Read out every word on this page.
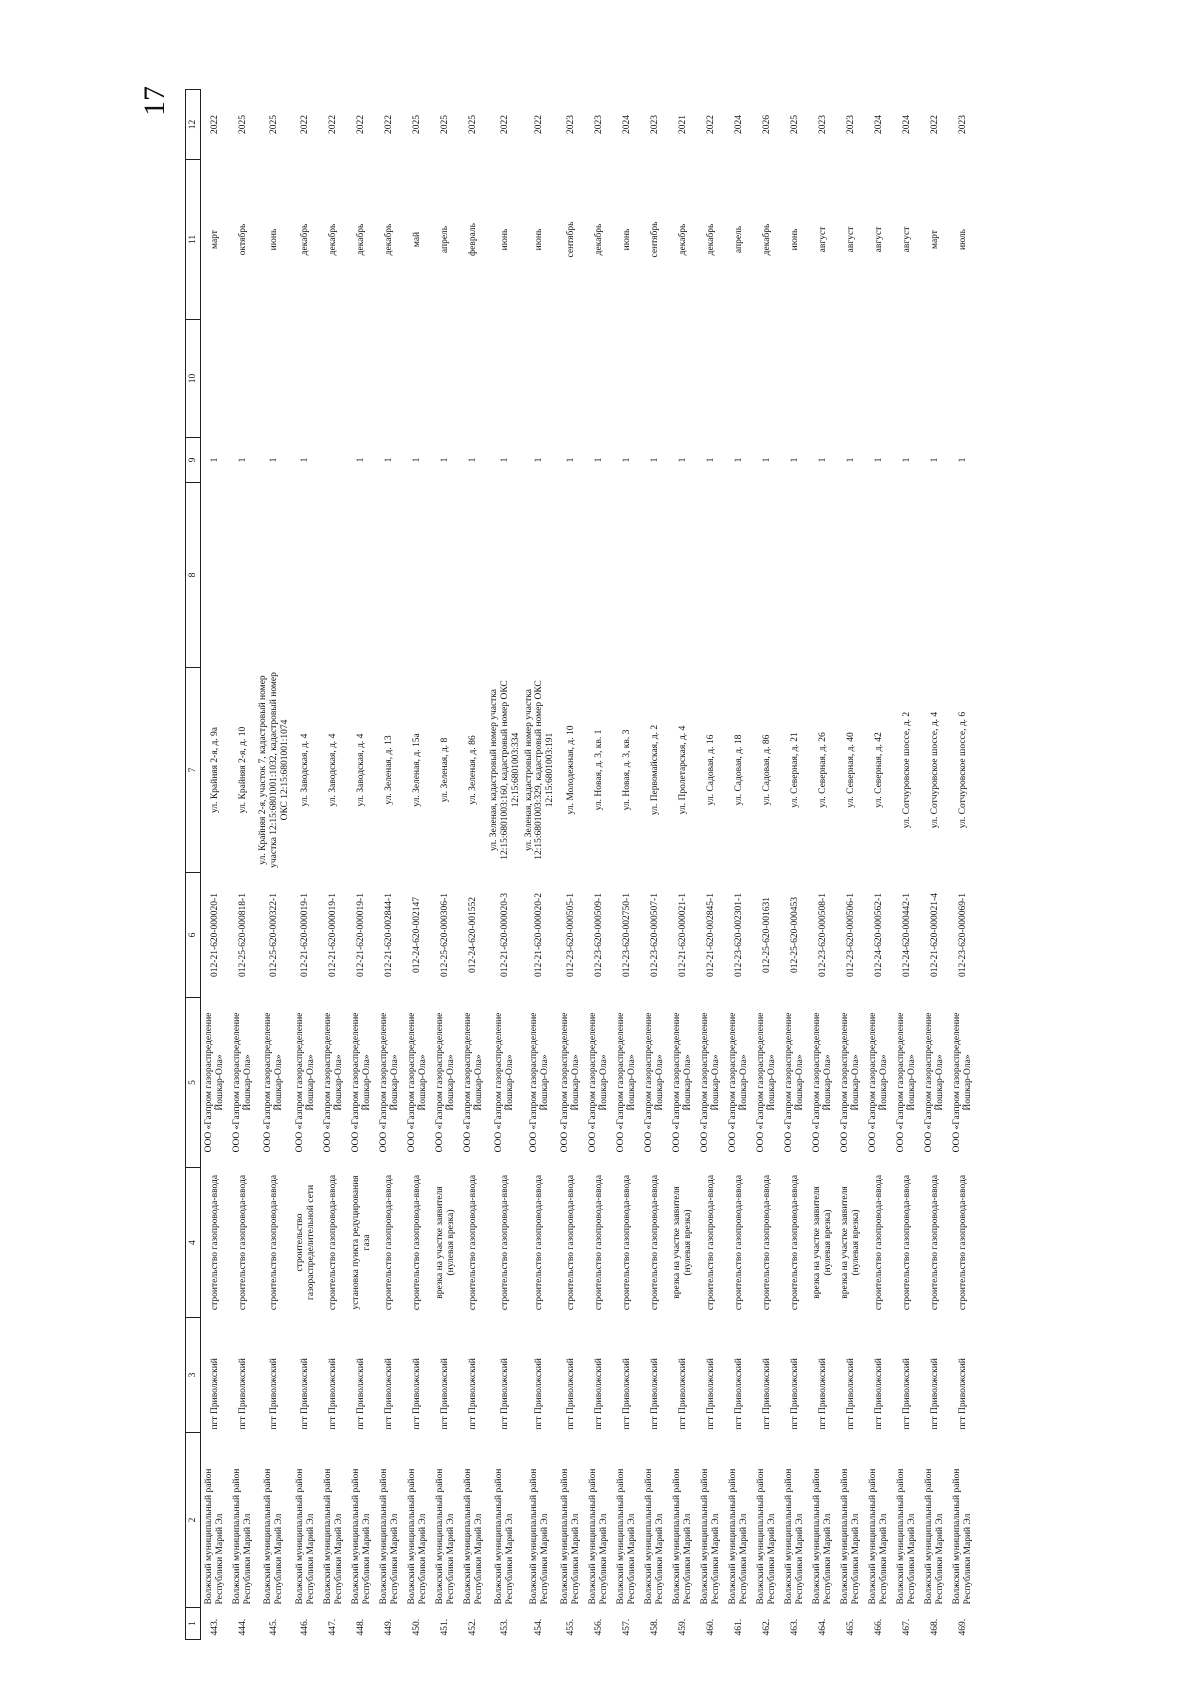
17
1	2	3	4	5	6	7	8	9	10	11	12
443.	Волжский муниципальный район Республики Марий Эл	пгт Приволжский	строительство газопровода-ввода	ООО «Газпром газораспределение Йошкар-Ола»	012-21-620-000020-1	ул. Крайняя 2-я, д. 9а		1		март	2022
444.	Волжский муниципальный район Республики Марий Эл	пгт Приволжский	строительство газопровода-ввода	ООО «Газпром газораспределение Йошкар-Ола»	012-25-620-000818-1	ул. Крайняя 2-я, д. 10		1		октябрь	2025
445.	Волжский муниципальный район Республики Марий Эл	пгт Приволжский	строительство газопровода-ввода	ООО «Газпром газораспределение Йошкар-Ола»	012-25-620-000322-1	ул. Крайняя 2-я, участок 7, кадастровый номер участка 12:15:6801001:1032, кадастровый номер ОКС 12:15:6801001:1074		1		июнь	2025
446.	Волжский муниципальный район Республики Марий Эл	пгт Приволжский	строительство газораспределительной сети	ООО «Газпром газораспределение Йошкар-Ола»	012-21-620-000019-1	ул. Заводская, д. 4		1		декабрь	2022
447.	Волжский муниципальный район Республики Марий Эл	пгт Приволжский	строительство газопровода-ввода	ООО «Газпром газораспределение Йошкар-Ола»	012-21-620-000019-1	ул. Заводская, д. 4				декабрь	2022
448.	Волжский муниципальный район Республики Марий Эл	пгт Приволжский	установка пункта редуцирования газа	ООО «Газпром газораспределение Йошкар-Ола»	012-21-620-000019-1	ул. Заводская, д. 4		1		декабрь	2022
449.	Волжский муниципальный район Республики Марий Эл	пгт Приволжский	строительство газопровода-ввода	ООО «Газпром газораспределение Йошкар-Ола»	012-21-620-002844-1	ул. Зеленая, д. 13		1		декабрь	2022
450.	Волжский муниципальный район Республики Марий Эл	пгт Приволжский	строительство газопровода-ввода	ООО «Газпром газораспределение Йошкар-Ола»	012-24-620-002147	ул. Зеленая, д. 15а		1		май	2025
451.	Волжский муниципальный район Республики Марий Эл	пгт Приволжский	врезка на участке заявителя (нулевая врезка)	ООО «Газпром газораспределение Йошкар-Ола»	012-25-620-000306-1	ул. Зеленая, д. 8		1		апрель	2025
452.	Волжский муниципальный район Республики Марий Эл	пгт Приволжский	строительство газопровода-ввода	ООО «Газпром газораспределение Йошкар-Ола»	012-24-620-001552	ул. Зеленая, д. 86		1		февраль	2025
453.	Волжский муниципальный район Республики Марий Эл	пгт Приволжский	строительство газопровода-ввода	ООО «Газпром газораспределение Йошкар-Ола»	012-21-620-000020-3	ул. Зеленая, кадастровый номер участка 12:15:6801003:160, кадастровый номер ОКС 12:15:6801003:334		1		июнь	2022
454.	Волжский муниципальный район Республики Марий Эл	пгт Приволжский	строительство газопровода-ввода	ООО «Газпром газораспределение Йошкар-Ола»	012-21-620-000020-2	ул. Зеленая, кадастровый номер участка 12:15:6801003:329, кадастровый номер ОКС 12:15:6801003:191		1		июнь	2022
455.	Волжский муниципальный район Республики Марий Эл	пгт Приволжский	строительство газопровода-ввода	ООО «Газпром газораспределение Йошкар-Ола»	012-23-620-000505-1	ул. Молодежная, д. 10		1		сентябрь	2023
456.	Волжский муниципальный район Республики Марий Эл	пгт Приволжский	строительство газопровода-ввода	ООО «Газпром газораспределение Йошкар-Ола»	012-23-620-000509-1	ул. Новая, д. 3, кв. 1		1		декабрь	2023
457.	Волжский муниципальный район Республики Марий Эл	пгт Приволжский	строительство газопровода-ввода	ООО «Газпром газораспределение Йошкар-Ола»	012-23-620-002750-1	ул. Новая, д. 3, кв. 3		1		июнь	2024
458.	Волжский муниципальный район Республики Марий Эл	пгт Приволжский	строительство газопровода-ввода	ООО «Газпром газораспределение Йошкар-Ола»	012-23-620-000507-1	ул. Первомайская, д. 2		1		сентябрь	2023
459.	Волжский муниципальный район Республики Марий Эл	пгт Приволжский	врезка на участке заявителя (нулевая врезка)	ООО «Газпром газораспределение Йошкар-Ола»	012-21-620-000021-1	ул. Пролетарская, д. 4		1		декабрь	2021
460.	Волжский муниципальный район Республики Марий Эл	пгт Приволжский	строительство газопровода-ввода	ООО «Газпром газораспределение Йошкар-Ола»	012-21-620-002845-1	ул. Садовая, д. 16		1		декабрь	2022
461.	Волжский муниципальный район Республики Марий Эл	пгт Приволжский	строительство газопровода-ввода	ООО «Газпром газораспределение Йошкар-Ола»	012-23-620-002301-1	ул. Садовая, д. 18		1		апрель	2024
462.	Волжский муниципальный район Республики Марий Эл	пгт Приволжский	строительство газопровода-ввода	ООО «Газпром газораспределение Йошкар-Ола»	012-25-620-001631	ул. Садовая, д. 86		1		декабрь	2026
463.	Волжский муниципальный район Республики Марий Эл	пгт Приволжский	строительство газопровода-ввода	ООО «Газпром газораспределение Йошкар-Ола»	012-25-620-000453	ул. Северная, д. 21		1		июнь	2025
464.	Волжский муниципальный район Республики Марий Эл	пгт Приволжский	врезка на участке заявителя (нулевая врезка)	ООО «Газпром газораспределение Йошкар-Ола»	012-23-620-000508-1	ул. Северная, д. 26		1		август	2023
465.	Волжский муниципальный район Республики Марий Эл	пгт Приволжский	врезка на участке заявителя (нулевая врезка)	ООО «Газпром газораспределение Йошкар-Ола»	012-23-620-000506-1	ул. Северная, д. 40		1		август	2023
466.	Волжский муниципальный район Республики Марий Эл	пгт Приволжский	строительство газопровода-ввода	ООО «Газпром газораспределение Йошкар-Ола»	012-24-620-000562-1	ул. Северная, д. 42		1		август	2024
467.	Волжский муниципальный район Республики Марий Эл	пгт Приволжский	строительство газопровода-ввода	ООО «Газпром газораспределение Йошкар-Ола»	012-24-620-000442-1	ул. Сотчуровское шоссе, д. 2		1		август	2024
468.	Волжский муниципальный район Республики Марий Эл	пгт Приволжский	строительство газопровода-ввода	ООО «Газпром газораспределение Йошкар-Ола»	012-21-620-000021-4	ул. Сотчуровское шоссе, д. 4		1		март	2022
469.	Волжский муниципальный район Республики Марий Эл	пгт Приволжский	строительство газопровода-ввода	ООО «Газпром газораспределение Йошкар-Ола»	012-23-620-000069-1	ул. Сотчуровское шоссе, д. 6		1		июль	2023
